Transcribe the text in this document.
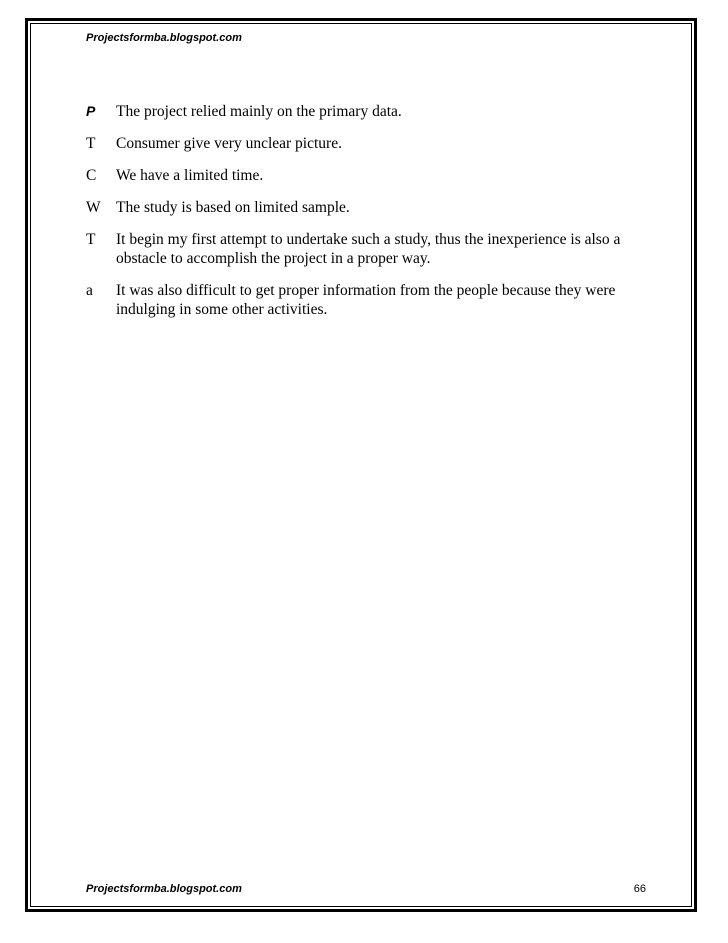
Projectsformba.blogspot.com
P	The project relied mainly on the primary data.
T	Consumer give very unclear picture.
C	We have a limited time.
W The study is based on limited sample.
T	It begin my first attempt to undertake such a study, thus the inexperience is also a obstacle to accomplish the project in a proper way.
a	It was also difficult to get proper information from the people because they were indulging in some other activities.
Projectsformba.blogspot.com	66
